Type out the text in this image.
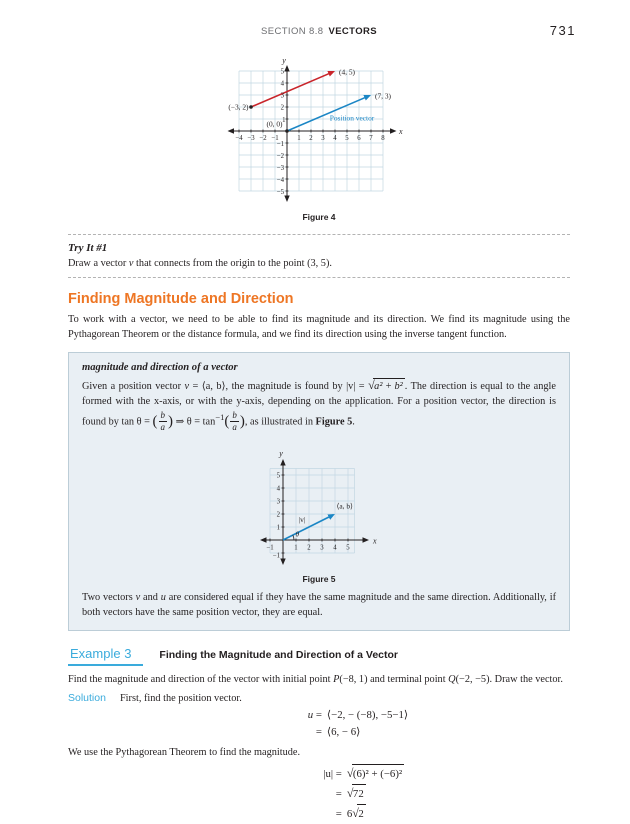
SECTION 8.8 VECTORS	731
−4 −3 −2 −1	1 2 3 4 5 6 7 8
5
4
3
2
1
−1
−2
−3
−4
−5
(−3, 2)
(4, 5)
(7, 3)
(0, 0)
Position vector
x
y
Figure 4
Try It #1
Draw a vector v that connects from the origin to the point (3, 5).
Finding Magnitude and Direction

To work with a vector, we need to be able to find its magnitude and its direction. We find its magnitude using the Pythagorean Theorem or the distance formula, and we find its direction using the inverse tangent function.

magnitude and direction of a vector

Given a position vector v = ⟨a, b⟩, the magnitude is found by |v| = √a² + b² . The direction is equal to the angle formed with the x-axis, or with the y-axis, depending on the application. For a position vector, the direction is found by tan θ = ( $\frac{b}{a}$ ) ⇒ $\theta = \tan^{-1}( \frac{b}{a}$ ), as illustrated in Figure 5.

−1	1 2 3 4 5
5
4
3
2
1
−1
⟨a, b⟩
|v|
θ
x
y
Figure 5

Two vectors v and u are considered equal if they have the same magnitude and the same direction. Additionally, if both vectors have the same position vector, they are equal.

Example 3	Finding the Magnitude and Direction of a Vector

Find the magnitude and direction of the vector with initial point P(−8, 1) and terminal point Q(−2, −5). Draw the vector.

Solution First, find the position vector.
u = ⟨−2, − (−8), −5−1⟩
= ⟨6, − 6⟩

We use the Pythagorean Theorem to find the magnitude.

|u| = √(6)² + (−6)²
= √72
= 6√2
